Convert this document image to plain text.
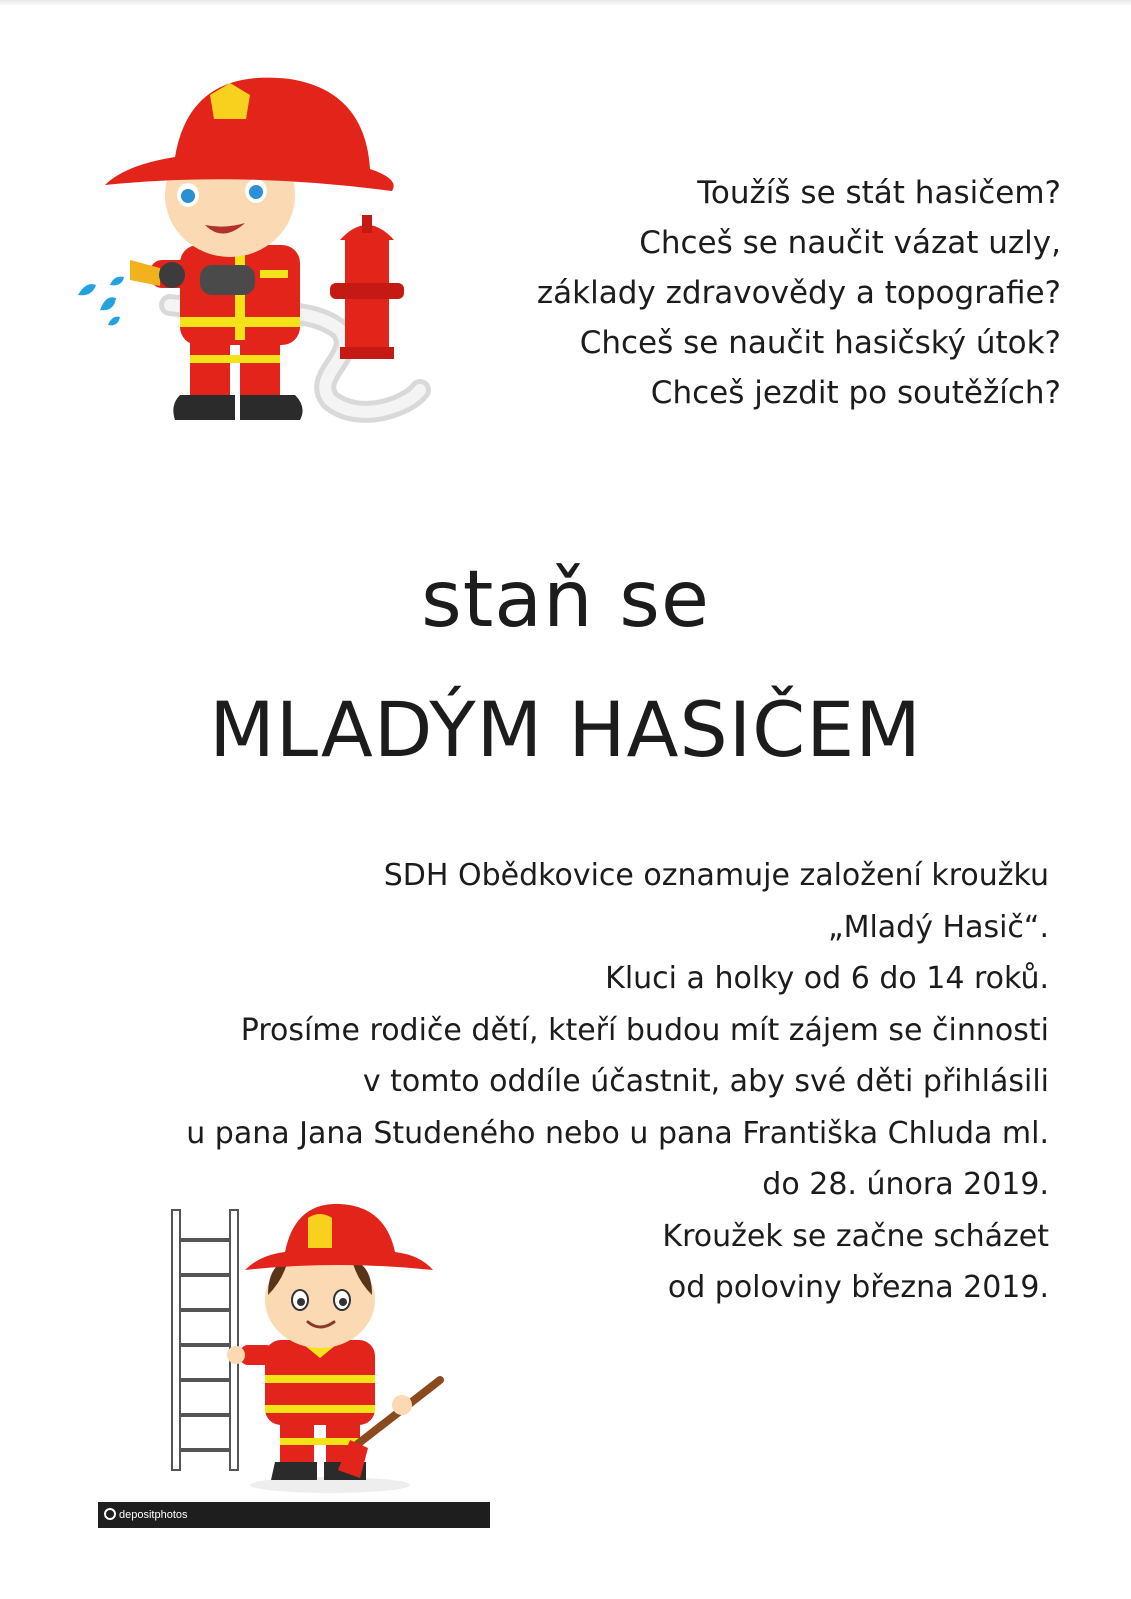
Toužíš se stát hasičem?
Chceš se naučit vázat uzly,
základy zdravovědy a topografie?
Chceš se naučit hasičský útok?
Chceš jezdit po soutěžích?
staň se
MLADÝM HASIČEM
SDH Obědkovice oznamuje založení kroužku
„Mladý Hasič“.
Kluci a holky od 6 do 14 roků.
Prosíme rodiče dětí, kteří budou mít zájem se činnosti
v tomto oddíle účastnit, aby své děti přihlásili
u pana Jana Studeného nebo u pana Františka Chluda ml.
do 28. února 2019.
Kroužek se začne scházet
od poloviny března 2019.
depositphotos
